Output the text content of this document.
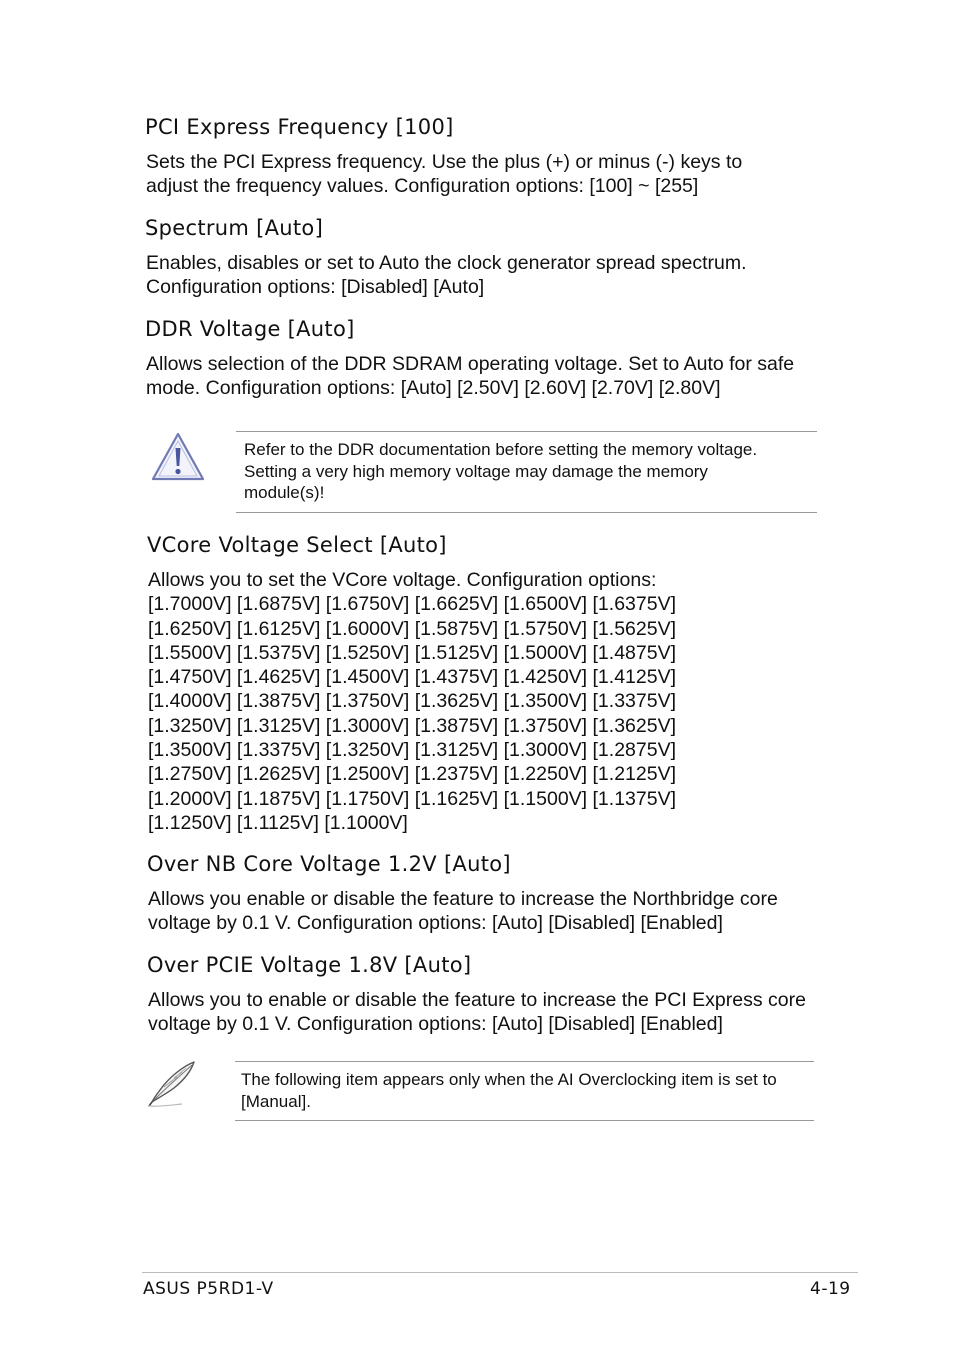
PCI Express Frequency [100]
Sets the PCI Express frequency. Use the plus (+) or minus (-) keys to
adjust the frequency values. Configuration options: [100] ~ [255]
Spectrum [Auto]
Enables, disables or set to Auto the clock generator spread spectrum.
Configuration options: [Disabled] [Auto]
DDR Voltage [Auto]
Allows selection of the DDR SDRAM operating voltage. Set to Auto for safe
mode. Configuration options: [Auto] [2.50V] [2.60V] [2.70V] [2.80V]
Refer to the DDR documentation before setting the memory voltage.
Setting a very high memory voltage may damage the memory
module(s)!
VCore Voltage Select [Auto]
Allows you to set the VCore voltage. Configuration options:
[1.7000V] [1.6875V] [1.6750V] [1.6625V] [1.6500V] [1.6375V]
[1.6250V] [1.6125V] [1.6000V] [1.5875V] [1.5750V] [1.5625V]
[1.5500V] [1.5375V] [1.5250V] [1.5125V] [1.5000V] [1.4875V]
[1.4750V] [1.4625V] [1.4500V] [1.4375V] [1.4250V] [1.4125V]
[1.4000V] [1.3875V] [1.3750V] [1.3625V] [1.3500V] [1.3375V]
[1.3250V] [1.3125V] [1.3000V] [1.3875V] [1.3750V] [1.3625V]
[1.3500V] [1.3375V] [1.3250V] [1.3125V] [1.3000V] [1.2875V]
[1.2750V] [1.2625V] [1.2500V] [1.2375V] [1.2250V] [1.2125V]
[1.2000V] [1.1875V] [1.1750V] [1.1625V] [1.1500V] [1.1375V]
[1.1250V] [1.1125V] [1.1000V]
Over NB Core Voltage 1.2V [Auto]
Allows you enable or disable the feature to increase the Northbridge core
voltage by 0.1 V. Configuration options: [Auto] [Disabled] [Enabled]
Over PCIE Voltage 1.8V [Auto]
Allows you to enable or disable the feature to increase the PCI Express core
voltage by 0.1 V. Configuration options: [Auto] [Disabled] [Enabled]
The following item appears only when the AI Overclocking item is set to
[Manual].
ASUS P5RD1-V	4-19
